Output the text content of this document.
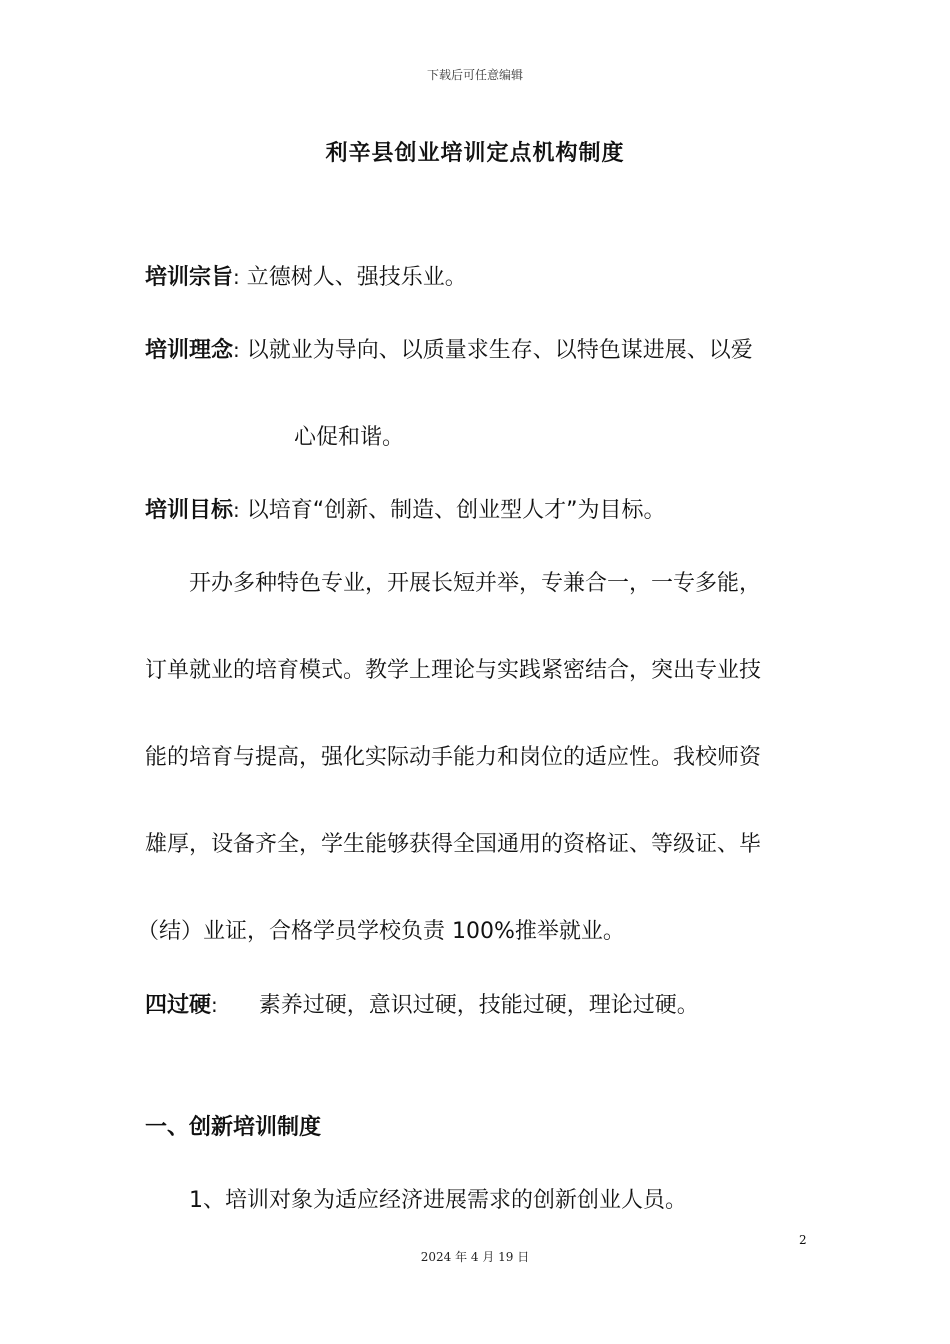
下载后可任意编辑
利辛县创业培训定点机构制度
培训宗旨: 立德树人、强技乐业。
培训理念: 以就业为导向、以质量求生存、以特色谋进展、以爱
心促和谐。
培训目标: 以培育“创新、制造、创业型人才”为目标。
开办多种特色专业，开展长短并举，专兼合一，一专多能，
订单就业的培育模式。教学上理论与实践紧密结合，突出专业技
能的培育与提高，强化实际动手能力和岗位的适应性。我校师资
雄厚，设备齐全，学生能够获得全国通用的资格证、等级证、毕
（结）业证，合格学员学校负责 100%推举就业。
四过硬: 素养过硬，意识过硬，技能过硬，理论过硬。
一、创新培训制度
1、培训对象为适应经济进展需求的创新创业人员。
2
2024 年 4 月 19 日
